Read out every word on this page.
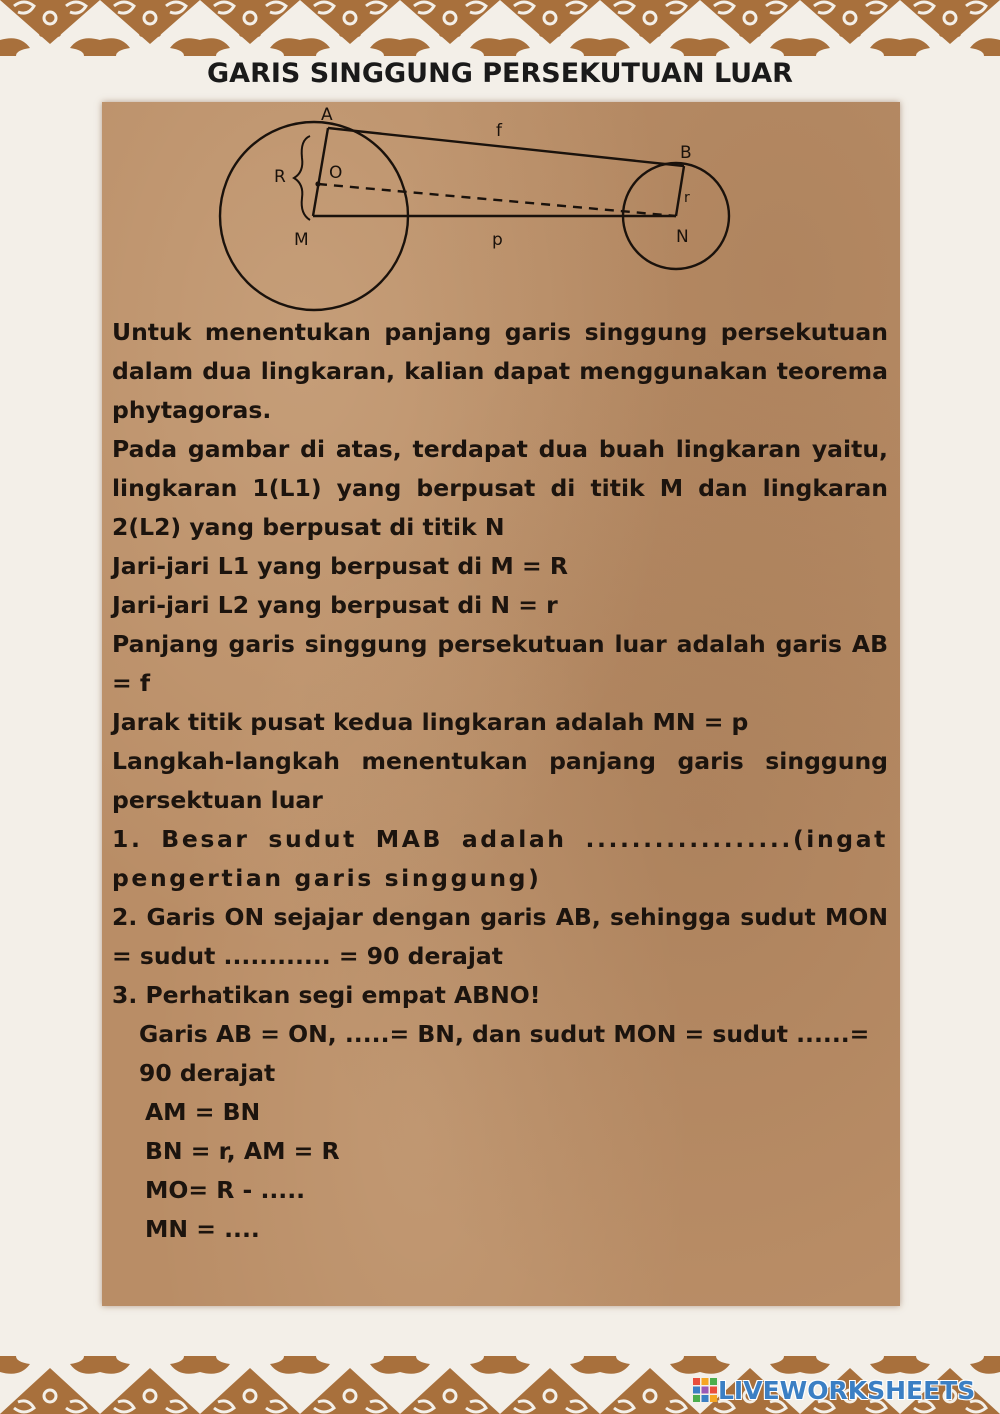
GARIS SINGGUNG PERSEKUTUAN LUAR
A
f
B
R	O
M	p	N
r

Untuk menentukan panjang garis singgung persekutuan dalam dua lingkaran, kalian dapat menggunakan teorema phytagoras.

Pada gambar di atas, terdapat dua buah lingkaran yaitu, lingkaran 1(L1) yang berpusat di titik M dan lingkaran 2(L2) yang berpusat di titik N

Jari-jari L1 yang berpusat di M = R

Jari-jari L2 yang berpusat di N = r

Panjang garis singgung persekutuan luar adalah garis AB = f

Jarak titik pusat kedua lingkaran adalah MN = p

Langkah-langkah menentukan panjang garis singgung persektuan luar

1. Besar sudut MAB adalah ..................(ingat pengertian garis singgung)

2. Garis ON sejajar dengan garis AB, sehingga sudut MON = sudut ............ = 90 derajat

3. Perhatikan segi empat ABNO!

Garis AB = ON, .....= BN, dan sudut MON = sudut ......= 90 derajat

AM = BN

BN = r, AM = R

MO= R - .....

MN = ....

LIVEWORKSHEETS
